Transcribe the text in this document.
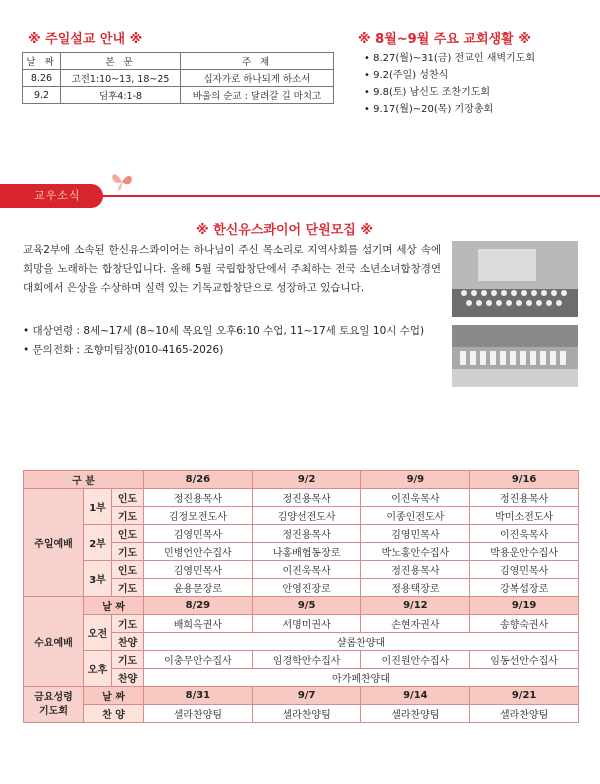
※ 주일설교 안내 ※
날 짜	본 문	주 제
8.26	고전1:10~13, 18~25	십자가로 하나되게 하소서
9.2	딤후4:1-8	바울의 순교 : 달려갈 길 마치고
※ 8월~9월 주요 교회생활 ※
• 8.27(월)~31(금) 전교인 새벽기도회
• 9.2(주일) 성찬식
• 9.8(토) 남신도 조찬기도회
• 9.17(월)~20(목) 기장총회
교우소식
※ 한신유스콰이어 단원모집 ※

교육2부에 소속된 한신유스콰이어는 하나님이 주신 목소리로 지역사회를 섬기며 세상 속에 희망을 노래하는 합창단입니다. 올해 5월 국립합창단에서 주최하는 전국 소년소녀합창경연대회에서 은상을 수상하며 실력 있는 기독교합창단으로 성장하고 있습니다.

• 대상연령 : 8세~17세 (8~10세 목요일 오후6:10 수업, 11~17세 토요일 10시 수업)
• 문의전화 : 조향미팀장(010-4165-2026)
구 분			8/26	9/2	9/9	9/16
주일예배	1부	인도	정진용목사	정진용목사	이진욱목사	정진용목사
		기도	김정모전도사	김양선전도사	이종인전도사	박미소전도사
	2부	인도	김영민목사	정진용목사	김영민목사	이진욱목사
		기도	민병언안수집사	나홍배협동장로	박노홍안수집사	박용운안수집사
	3부	인도	김영민목사	이진욱목사	정진용목사	김영민목사
		기도	윤용문장로	안영진장로	정용택장로	강복섭장로
수요예배	날 짜		8/29	9/5	9/12	9/19
	오전	기도	배희옥권사	서명미권사	손현자권사	송향숙권사
		찬양	샬롬찬양대			
	오후	기도	이충무안수집사	임경학안수집사	이진원안수집사	임동선안수집사
		찬양	아가페찬양대			

금요성령
기도회	날 짜		8/31	9/7	9/14	9/21
	찬 양		셀라찬양팀	셀라찬양팀	셀라찬양팀	셀라찬양팀
